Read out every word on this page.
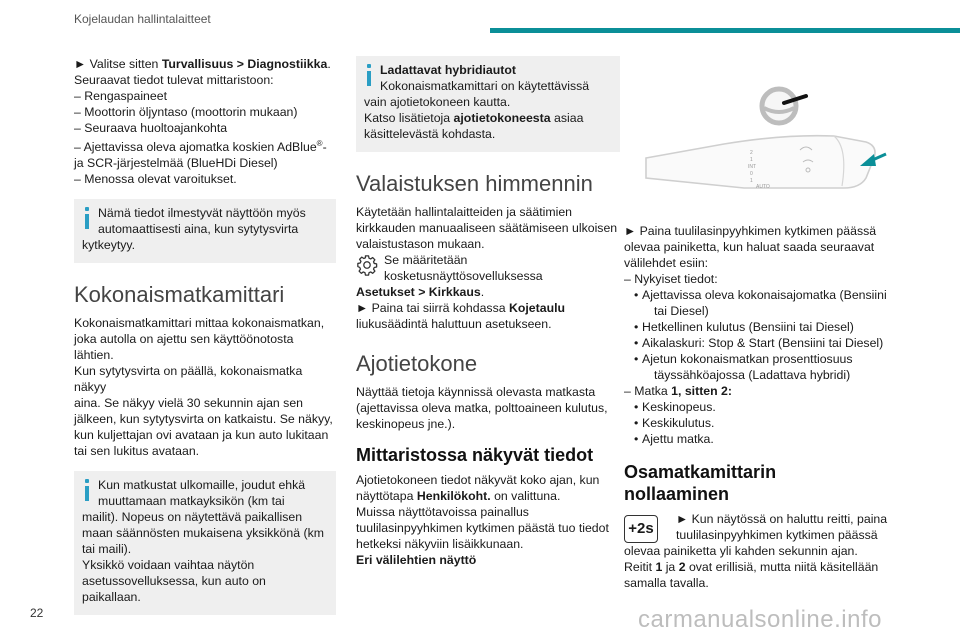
Kojelaudan hallintalaitteet

► Valitse sitten Turvallisuus > Diagnostiikka.

Seuraavat tiedot tulevat mittaristoon:

– Rengaspaineet

– Moottorin öljyntaso (moottorin mukaan)

– Seuraava huoltoajankohta

– Ajettavissa oleva ajomatka koskien AdBlue®-

ja SCR-järjestelmää (BlueHDi Diesel)

– Menossa olevat varoitukset.

Nämä tiedot ilmestyvät näyttöön myös

automaattisesti aina, kun sytytysvirta

kytkeytyy.

Kokonaismatkamittari

Kokonaismatkamittari mittaa kokonaismatkan,

joka autolla on ajettu sen käyttöönotosta lähtien.

Kun sytytysvirta on päällä, kokonaismatka näkyy

aina. Se näkyy vielä 30 sekunnin ajan sen

jälkeen, kun sytytysvirta on katkaistu. Se näkyy,

kun kuljettajan ovi avataan ja kun auto lukitaan

tai sen lukitus avataan.

Kun matkustat ulkomaille, joudut ehkä

muuttamaan matkayksikön (km tai

mailit). Nopeus on näytettävä paikallisen

maan säännösten mukaisena yksikkönä (km

tai maili).

Yksikkö voidaan vaihtaa näytön

asetussovelluksessa, kun auto on paikallaan.

Ladattavat hybridiautot

Kokonaismatkamittari on käytettävissä

vain ajotietokoneen kautta.

Katso lisätietoja ajotietokoneesta asiaa

käsittelevästä kohdasta.

Valaistuksen himmennin

Käytetään hallintalaitteiden ja säätimien

kirkkauden manuaaliseen säätämiseen ulkoisen

valaistustason mukaan.

Se määritetään

kosketusnäyttösovelluksessa

Asetukset > Kirkkaus.

► Paina tai siirrä kohdassa Kojetaulu

liukusäädintä haluttuun asetukseen.

Ajotietokone

Näyttää tietoja käynnissä olevasta matkasta

(ajettavissa oleva matka, polttoaineen kulutus,

keskinopeus jne.).

Mittaristossa näkyvät tiedot

Ajotietokoneen tiedot näkyvät koko ajan, kun

näyttötapa Henkilökoht. on valittuna.

Muissa näyttötavoissa painallus

tuulilasinpyyhkimen kytkimen päästä tuo tiedot

hetkeksi näkyviin lisäikkunaan.

Eri välilehtien näyttö

2
1
INT
0
1
AUTO

► Paina tuulilasinpyyhkimen kytkimen päässä

olevaa painiketta, kun haluat saada seuraavat

välilehdet esiin:

– Nykyiset tiedot:

• Ajettavissa oleva kokonaisajomatka (Bensiini

tai Diesel)

• Hetkellinen kulutus (Bensiini tai Diesel)

• Aikalaskuri: Stop & Start (Bensiini tai Diesel)

• Ajetun kokonaismatkan prosenttiosuus

täyssähköajossa (Ladattava hybridi)

– Matka 1, sitten 2:

• Keskinopeus.

• Keskikulutus.

• Ajettu matka.

Osamatkamittarin
nollaaminen
+2s

► Kun näytössä on haluttu reitti, paina

tuulilasinpyyhkimen kytkimen päässä

olevaa painiketta yli kahden sekunnin ajan.

Reitit 1 ja 2 ovat erillisiä, mutta niitä käsitellään

samalla tavalla.

22	carmanualsonline.info
